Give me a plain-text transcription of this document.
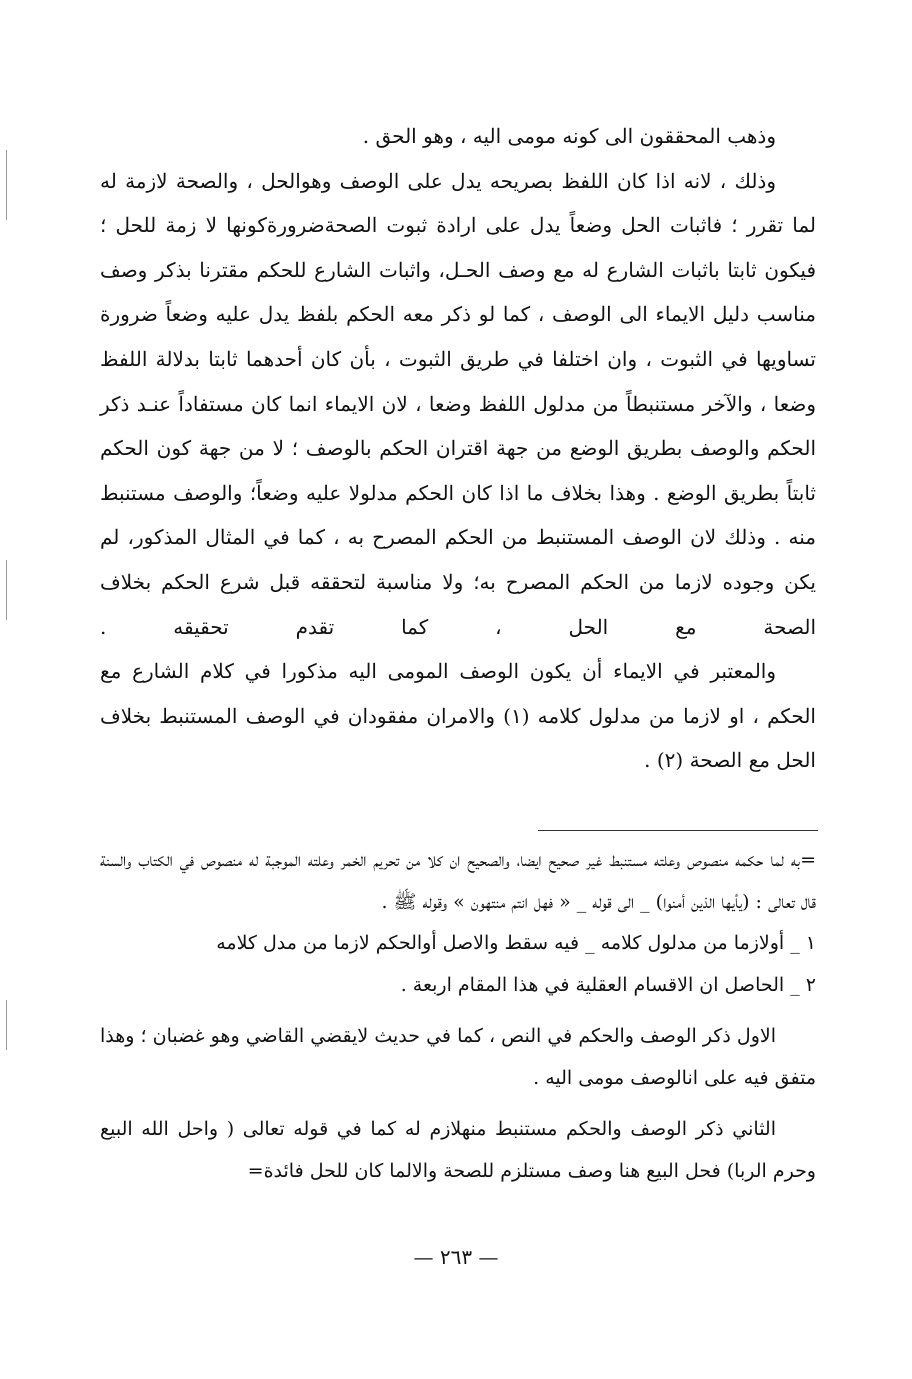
وذهب المحققون الى كونه مومى اليه ، وهو الحق .

وذلك ، لانه اذا كان اللفظ بصريحه يدل على الوصف وهوالحل ، والصحة لازمة له لما تقرر ؛ فاثبات الحل وضعاً يدل على ارادة ثبوت الصحةضرورةكونها لا زمة للحل ؛ فيكون ثابتا باثبات الشارع له مع وصف الحـل، واثبات الشارع للحكم مقترنا بذكر وصف مناسب دليل الايماء الى الوصف ، كما لو ذكر معه الحكم بلفظ يدل عليه وضعاً ضرورة تساويها في الثبوت ، وان اختلفا في طريق الثبوت ، بأن كان أحدهما ثابتا بدلالة اللفظ وضعا ، والآخر مستنبطاً من مدلول اللفظ وضعا ، لان الايماء انما كان مستفاداً عنـد ذكر الحكم والوصف بطريق الوضع من جهة اقتران الحكم بالوصف ؛ لا من جهة كون الحكم ثابتاً بطريق الوضع . وهذا بخلاف ما اذا كان الحكم مدلولا عليه وضعاً؛ والوصف مستنبط منه . وذلك لان الوصف المستنبط من الحكم المصرح به ، كما في المثال المذكور، لم يكن وجوده لازما من الحكم المصرح به؛ ولا مناسبة لتحققه قبل شرع الحكم بخلاف الصحة مع الحل ، كما تقدم تحقيقه .

والمعتبر في الايماء أن يكون الوصف المومى اليه مذكورا في كلام الشارع مع الحكم ، او لازما من مدلول كلامه (١) والامران مفقودان في الوصف المستنبط بخلاف الحل مع الصحة (٢) .

=به لما حكمه منصوص وعلته مستنبط غير صحيح ايضا، والصحيح ان كلا من تحريم الخمر وعلته الموجبة له منصوص في الكتاب والسنة قال تعالى : (يأيها الذين أمنوا) _ الى قوله _ « فهل انتم منتهون » وقوله ﷺ .

١ _ أولازما من مدلول كلامه _ فيه سقط والاصل أوالحكم لازما من مدل كلامه

٢ _ الحاصل ان الاقسام العقلية في هذا المقام اربعة .

الاول ذكر الوصف والحكم في النص ، كما في حديث لايقضي القاضي وهو غضبان ؛ وهذا متفق فيه على انالوصف مومى اليه .

الثاني ذكر الوصف والحكم مستنبط منهلازم له كما في قوله تعالى ( واحل الله البيع وحرم الربا) فحل البيع هنا وصف مستلزم للصحة والالما كان للحل فائدة=

— ٢٦٣ —
